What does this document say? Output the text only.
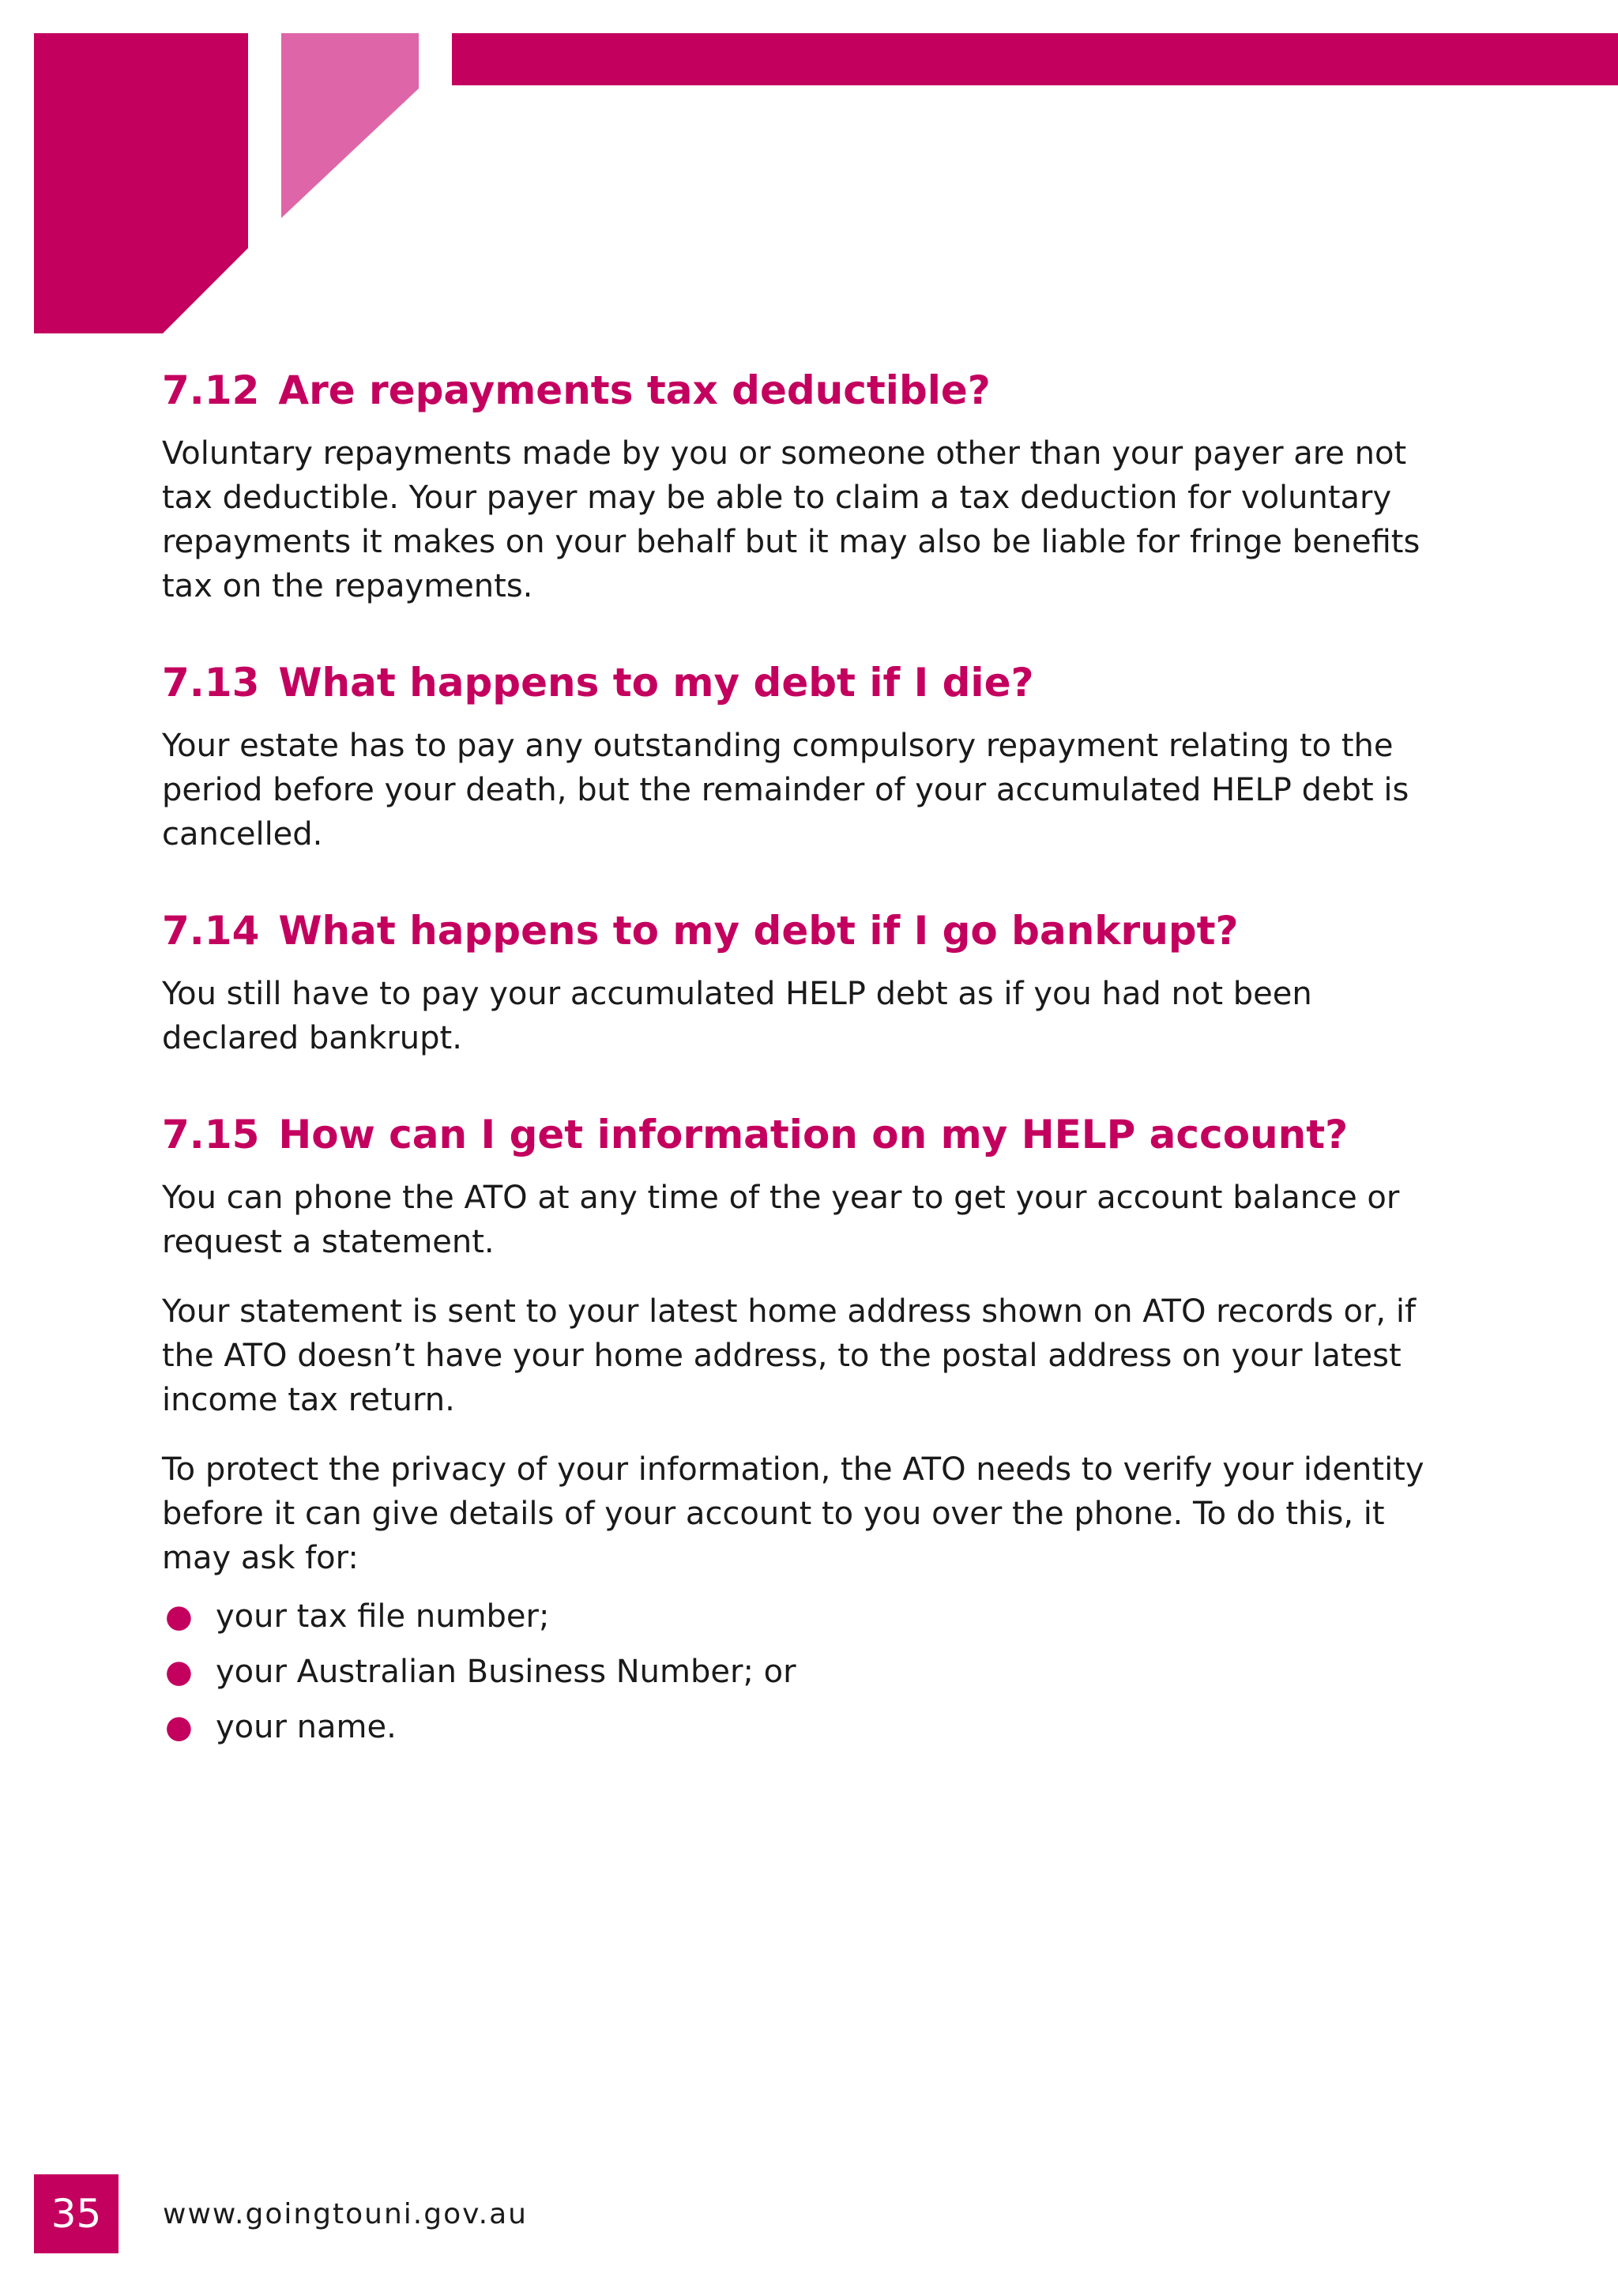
7.12 Are repayments tax deductible?

Voluntary repayments made by you or someone other than your payer are not tax deductible. Your payer may be able to claim a tax deduction for voluntary repayments it makes on your behalf but it may also be liable for fringe benefits tax on the repayments.

7.13 What happens to my debt if I die?

Your estate has to pay any outstanding compulsory repayment relating to the period before your death, but the remainder of your accumulated HELP debt is cancelled.

7.14 What happens to my debt if I go bankrupt?

You still have to pay your accumulated HELP debt as if you had not been declared bankrupt.

7.15 How can I get information on my HELP account?

You can phone the ATO at any time of the year to get your account balance or request a statement.

Your statement is sent to your latest home address shown on ATO records or, if the ATO doesn’t have your home address, to the postal address on your latest income tax return.

To protect the privacy of your information, the ATO needs to verify your identity before it can give details of your account to you over the phone. To do this, it may ask for:

● your tax file number;
● your Australian Business Number; or
● your name.
35	www.goingtouni.gov.au
